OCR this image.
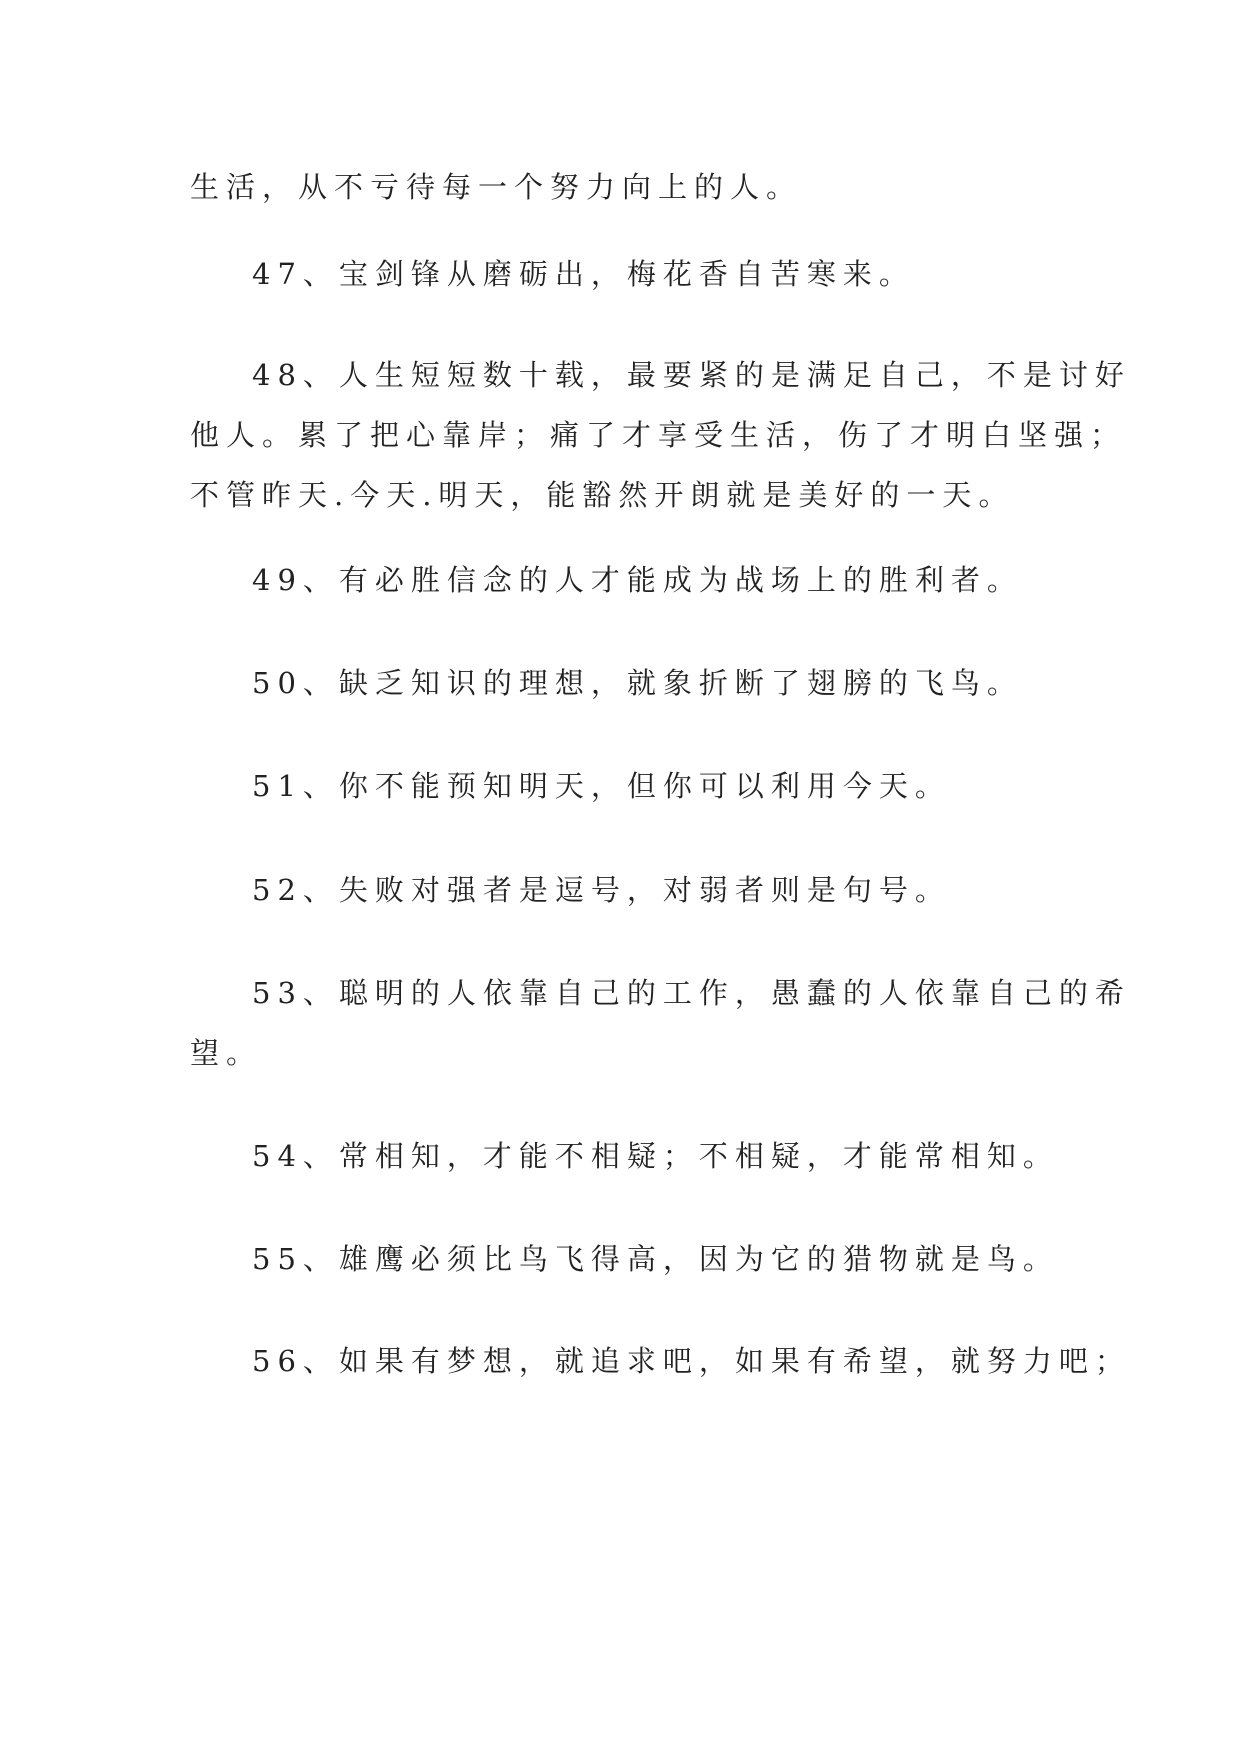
生活，从不亏待每一个努力向上的人。
47、宝剑锋从磨砺出，梅花香自苦寒来。
48、人生短短数十载，最要紧的是满足自己，不是讨好
他人。累了把心靠岸；痛了才享受生活，伤了才明白坚强；
不管昨天.今天.明天，能豁然开朗就是美好的一天。
49、有必胜信念的人才能成为战场上的胜利者。
50、缺乏知识的理想，就象折断了翅膀的飞鸟。
51、你不能预知明天，但你可以利用今天。
52、失败对强者是逗号，对弱者则是句号。
53、聪明的人依靠自己的工作，愚蠢的人依靠自己的希
望。
54、常相知，才能不相疑；不相疑，才能常相知。
55、雄鹰必须比鸟飞得高，因为它的猎物就是鸟。
56、如果有梦想，就追求吧，如果有希望，就努力吧；
